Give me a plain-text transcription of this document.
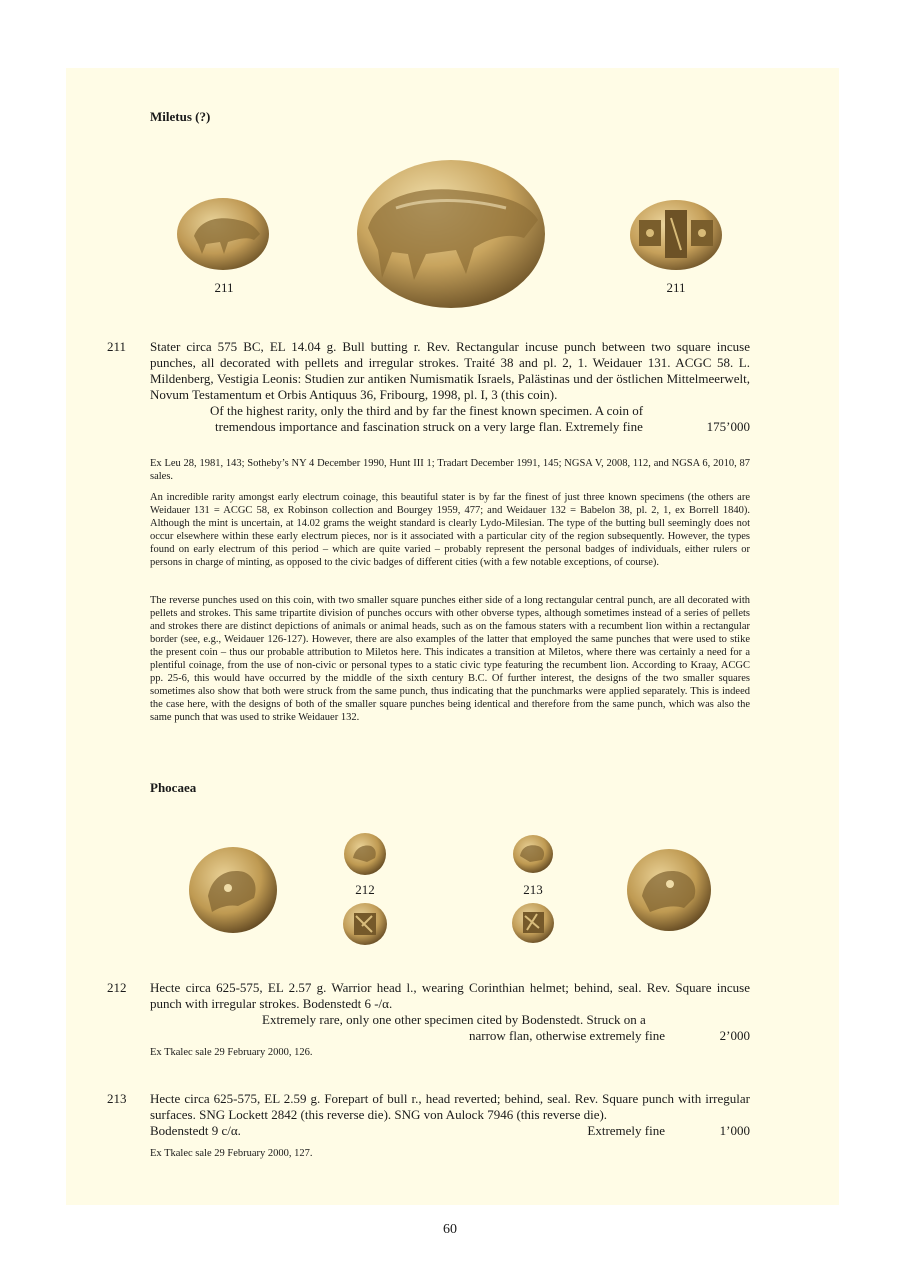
Miletus (?)
211	211
211 Stater circa 575 BC, EL 14.04 g. Bull butting r. Rev. Rectangular incuse punch between two square incuse punches, all decorated with pellets and irregular strokes. Traité 38 and pl. 2, 1. Weidauer 131. ACGC 58. L. Mildenberg, Vestigia Leonis: Studien zur antiken Numismatik Israels, Palästinas und der östlichen Mittelmeerwelt, Novum Testamentum et Orbis Antiquus 36, Fribourg, 1998, pl. I, 3 (this coin).
Of the highest rarity, only the third and by far the finest known specimen. A coin of
tremendous importance and fascination struck on a very large flan. Extremely fine	175’000
Ex Leu 28, 1981, 143; Sotheby’s NY 4 December 1990, Hunt III 1; Tradart December 1991, 145; NGSA V, 2008, 112, and NGSA 6, 2010, 87 sales.
An incredible rarity amongst early electrum coinage, this beautiful stater is by far the finest of just three known specimens (the others are Weidauer 131 = ACGC 58, ex Robinson collection and Bourgey 1959, 477; and Weidauer 132 = Babelon 38, pl. 2, 1, ex Borrell 1840). Although the mint is uncertain, at 14.02 grams the weight standard is clearly Lydo-Milesian. The type of the butting bull seemingly does not occur elsewhere within these early electrum pieces, nor is it associated with a particular city of the region subsequently. However, the types found on early electrum of this period – which are quite varied – probably represent the personal badges of individuals, either rulers or persons in charge of minting, as opposed to the civic badges of different cities (with a few notable exceptions, of course).
The reverse punches used on this coin, with two smaller square punches either side of a long rectangular central punch, are all decorated with pellets and strokes. This same tripartite division of punches occurs with other obverse types, although sometimes instead of a series of pellets and strokes there are distinct depictions of animals or animal heads, such as on the famous staters with a recumbent lion within a rectangular border (see, e.g., Weidauer 126-127). However, there are also examples of the latter that employed the same punches that were used to stike the present coin – thus our probable attribution to Miletos here. This indicates a transition at Miletos, where there was certainly a need for a plentiful coinage, from the use of non-civic or personal types to a static civic type featuring the recumbent lion. According to Kraay, ACGC pp. 25-6, this would have occurred by the middle of the sixth century B.C. Of further interest, the designs of the two smaller squares sometimes also show that both were struck from the same punch, thus indicating that the punchmarks were applied separately. This is indeed the case here, with the designs of both of the smaller square punches being identical and therefore from the same punch, which was also the same punch that was used to strike Weidauer 132.
Phocaea
212	213
212 Hecte circa 625-575, EL 2.57 g. Warrior head l., wearing Corinthian helmet; behind, seal. Rev. Square incuse punch with irregular strokes. Bodenstedt 6 -/α.
Extremely rare, only one other specimen cited by Bodenstedt. Struck on a
narrow flan, otherwise extremely fine	2’000
Ex Tkalec sale 29 February 2000, 126.
213 Hecte circa 625-575, EL 2.59 g. Forepart of bull r., head reverted; behind, seal. Rev. Square punch with irregular surfaces. SNG Lockett 2842 (this reverse die). SNG von Aulock 7946 (this reverse die).
Bodenstedt 9 c/α.	Extremely fine	1’000
Ex Tkalec sale 29 February 2000, 127.
60
